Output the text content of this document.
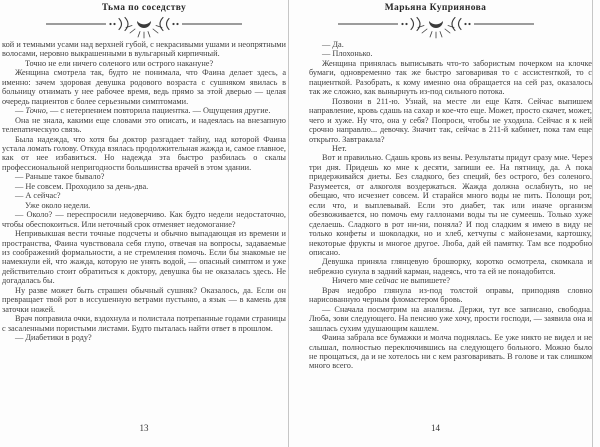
Тьма по соседству

кой и темными усами над верхней губой, с некрасивыми ушами и неопрятными волосами, неровно выкрашенными в вульгарный кирпичный.

Точно не ели ничего соленого или острого накануне?

Женщина смотрела так, будто не понимала, что Фаина делает здесь, а именно: зачем здоровая девушка родового возраста с сушняком явилась в больницу отнимать у нее рабочее время, ведь прямо за этой дверью — целая очередь пациентов с более серьезными симптомами.

— Точно, — с нетерпением повторила пациентка. — Ощущения другие.

Она не знала, какими еще словами это описать, и надеялась на внезапную телепатическую связь.

Была надежда, что хотя бы доктор разгадает тайну, над которой Фаина устала ломать голову. Откуда взялась продолжительная жажда и, самое главное, как от нее избавиться. Но надежда эта быстро разбилась о скалы профессиональной непригодности большинства врачей в этом здании.

— Раньше такое бывало?

— Не совсем. Проходило за день-два.

— А сейчас?

Уже около недели.

— Около? — переспросили недоверчиво. Как будто недели недостаточно, чтобы обеспокоиться. Или неточный срок отменяет недомогание?

Непривыкшая вести точные подсчеты и обычно выпадающая из времени и пространства, Фаина чувствовала себя глупо, отвечая на вопросы, задаваемые из соображений формальности, а не стремления помочь. Если бы знакомые не намекнули ей, что жажда, которую не унять водой, — опасный симптом и уже действительно стоит обратиться к доктору, девушка бы не оказалась здесь. Не догадалась бы.

Ну разве может быть страшен обычный сушняк? Оказалось, да. Если он превращает твой рот в иссушенную ветрами пустыню, а язык — в камень для заточки ножей.

Врач поправила очки, вздохнула и полистала потрепанные годами страницы с засаленными пористыми листами. Будто пыталась найти ответ в прошлом.

— Диабетики в роду?

13
Марьяна Куприянова

— Да.

— Плохонько.

Женщина принялась выписывать что-то забористым почерком на клочке бумаги, одновременно так же быстро заговаривая то с ассистенткой, то с пациенткой. Разобрать, к кому именно она обращается на сей раз, оказалось так же сложно, как вынырнуть из-под сильного потока.

Позвони в 211-ю. Узнай, на месте ли еще Катя. Сейчас выпишем направление, кровь сдашь на сахар и кое-что еще. Может, просто скачет, может, чего и хуже. Ну что, она у себя? Попроси, чтобы не уходила. Сейчас я к ней срочно направлю... девочку. Значит так, сейчас в 211-й кабинет, пока там еще открыто. Завтракала?

Нет.

Вот и правильно. Сдашь кровь из вены. Результаты придут сразу мне. Через три дня. Придешь ко мне к десяти, запиши ее. На пятницу, да. А пока придерживайся диеты. Без сладкого, без специй, без острого, без соленого. Разумеется, от алкоголя воздержаться. Жажда должна ослабнуть, но не обещаю, что исчезнет совсем. И старайся много воды не пить. Полощи рот, если что, и выплевывай. Если это диабет, так или иначе организм обезвоживается, но помочь ему галлонами воды ты не сумеешь. Только хуже сделаешь. Сладкого в рот ни-ни, поняла? И под сладким я имею в виду не только конфеты и шоколадки, но и хлеб, кетчупы с майонезами, картошку, некоторые фрукты и многое другое. Люба, дай ей памятку. Там все подробно описано.

Девушка приняла глянцевую брошюрку, коротко осмотрела, скомкала и небрежно сунула в задний карман, надеясь, что та ей не понадобится.

Ничего мне сейчас не выпишете?

Врач недобро глянула из-под толстой оправы, приподняв словно нарисованную черным фломастером бровь.

— Сначала посмотрим на анализы. Держи, тут все записано, свободна. Люба, зови следующего. На пенсию уже хочу, прости господи, — заявила она и зашлась сухим удушающим кашлем.

Фаина забрала все бумажки и молча поднялась. Ее уже никто не видел и не слышал, полностью переключившись на следующего больного. Можно было не прощаться, да и не хотелось ни с кем разговаривать. В голове и так слишком много всего.

14
